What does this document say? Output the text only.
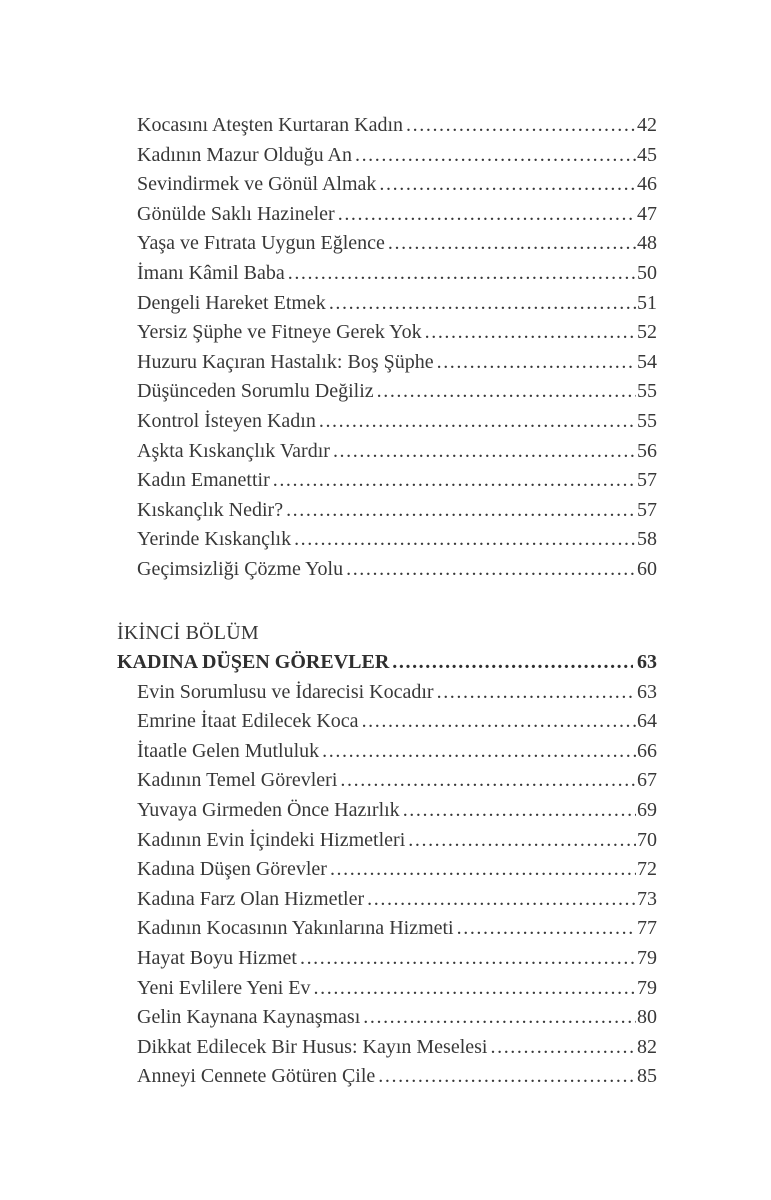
Kocasını Ateşten Kurtaran Kadın .....	42
Kadının Mazur Olduğu An .....	45
Sevindirmek ve Gönül Almak .....	46
Gönülde Saklı Hazineler .....	47
Yaşa ve Fıtrata Uygun Eğlence .....	48
İmanı Kâmil Baba .....	50
Dengeli Hareket Etmek .....	51
Yersiz Şüphe ve Fitneye Gerek Yok .....	52
Huzuru Kaçıran Hastalık: Boş Şüphe .....	54
Düşünceden Sorumlu Değiliz .....	55
Kontrol İsteyen Kadın .....	55
Aşkta Kıskançlık Vardır .....	56
Kadın Emanettir .....	57
Kıskançlık Nedir? .....	57
Yerinde Kıskançlık .....	58
Geçimsizliği Çözme Yolu .....	60
İKİNCİ BÖLÜM
KADINA DÜŞEN GÖREVLER .....	63
Evin Sorumlusu ve İdarecisi Kocadır .....	63
Emrine İtaat Edilecek Koca .....	64
İtaatle Gelen Mutluluk .....	66
Kadının Temel Görevleri .....	67
Yuvaya Girmeden Önce Hazırlık .....	69
Kadının Evin İçindeki Hizmetleri .....	70
Kadına Düşen Görevler .....	72
Kadına Farz Olan Hizmetler .....	73
Kadının Kocasının Yakınlarına Hizmeti .....	77
Hayat Boyu Hizmet .....	79
Yeni Evlilere Yeni Ev .....	79
Gelin Kaynana Kaynaşması .....	80
Dikkat Edilecek Bir Husus: Kayın Meselesi .....	82
Anneyi Cennete Götüren Çile .....	85
